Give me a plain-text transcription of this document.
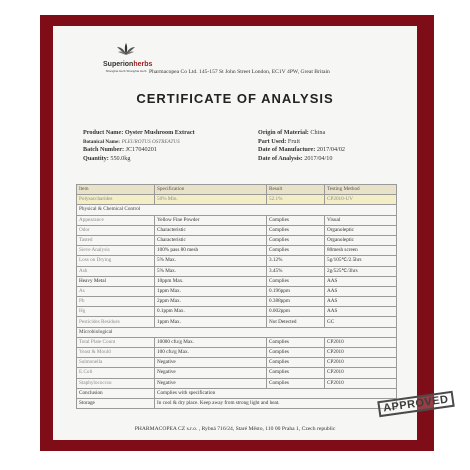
Superionherbs
Shanghai Herb Shanghai Herb Pharmacopea Co Ltd. 145-157 St John Street London, EC1V 4PW, Great Britain
CERTIFICATE OF ANALYSIS
Product Name: Oyster Mushroom Extract
Botanical Name: PLEUROTUS OSTREATUS
Batch Number: JC17040201
Quantity: 550.0kg
Origin of Material: China
Part Used: Fruit
Date of Manufacture: 2017/04/02
Date of Analysis: 2017/04/10
Item	Specification	Result	Testing Method
Polysaccharides	50% Min.	52.1%	CP2010-UV
Physical & Chemical Control			
Appearance	Yellow Fine Powder	Complies	Visual
Odor	Characteristic	Complies	Organoleptic
Tasted	Characteristic	Complies	Organoleptic
Sieve Analysis	100% pass 80 mesh	Complies	80mesh screen
Loss on Drying	5% Max.	3.12%	5g/105℃/2.5hrs
Ash	5% Max.	3.45%	2g/525℃/3hrs
Heavy Metal	10ppm Max.	Complies	AAS
As	1ppm Max.	0.196ppm	AAS
Pb	2ppm Max.	0.388ppm	AAS
Hg	0.1ppm Max.	0.002ppm	AAS
Pesticides Residues	1ppm Max.	Not Detected	GC
Microbiological			
Total Plate Count	10000 cfu/g Max.	Complies	CP2010
Yeast & Mould	100 cfu/g Max.	Complies	CP2010
Salmonella	Negative	Complies	CP2010
E.Coli	Negative	Complies	CP2010
Staphylococcus	Negative	Complies	CP2010
Conclusion	Complies with specification		
Storage	In cool & dry place. Keep away from strong light and heat.			APPROVED
PHARMACOPEA CZ s.r.o. , Rybná 716/24, Staré Město, 110 00 Praha 1, Czech republic
